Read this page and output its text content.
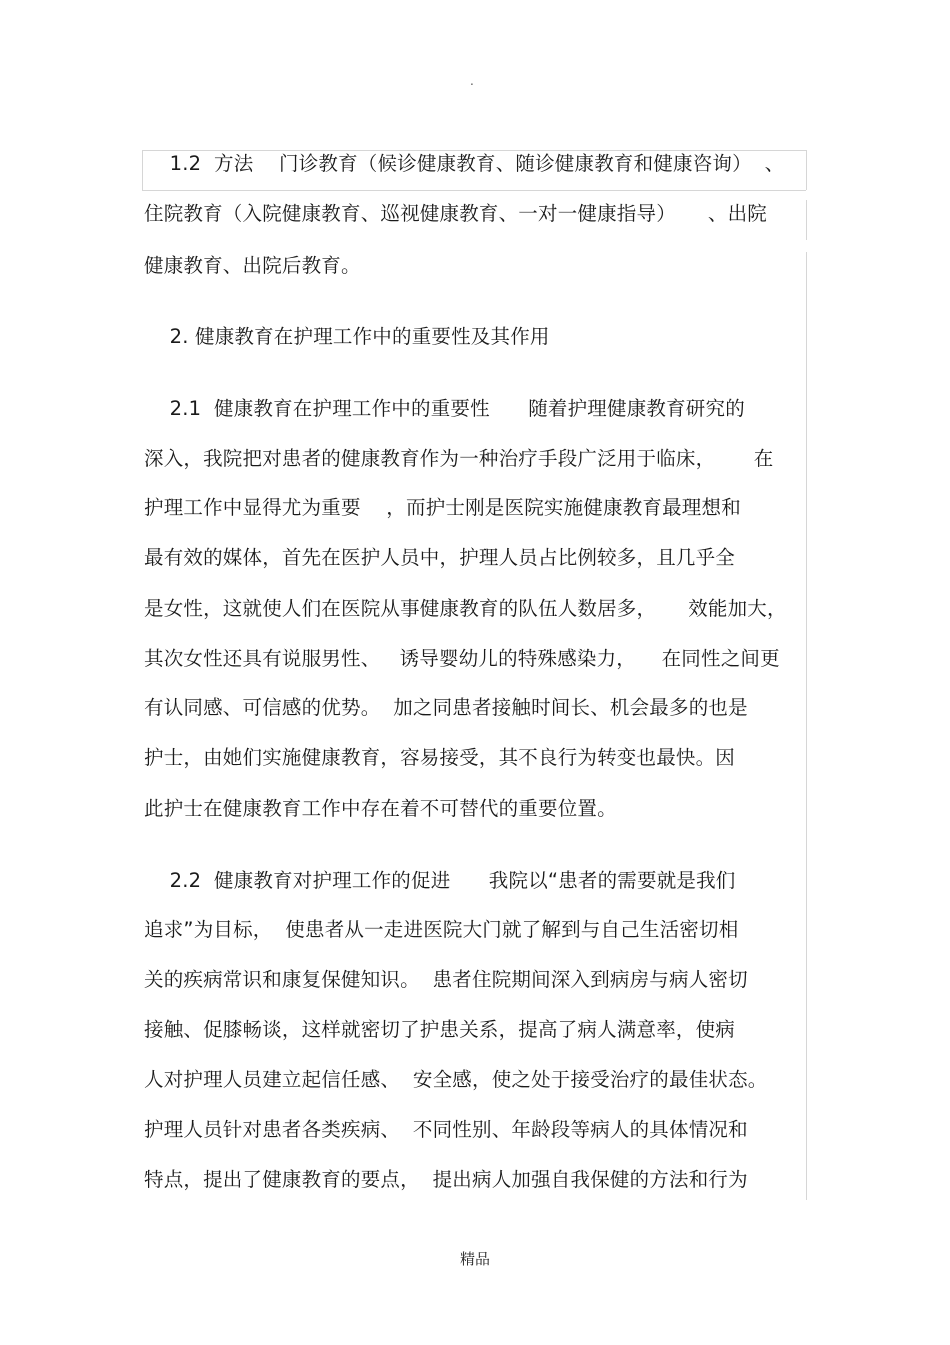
.
1.2  方法    门诊教育（候诊健康教育、随诊健康教育和健康咨询）  、
住院教育（入院健康教育、巡视健康教育、一对一健康指导）     、出院
健康教育、出院后教育。
2. 健康教育在护理工作中的重要性及其作用
2.1  健康教育在护理工作中的重要性      随着护理健康教育研究的
深入，我院把对患者的健康教育作为一种治疗手段广泛用于临床，      在
护理工作中显得尤为重要    ，而护士刚是医院实施健康教育最理想和
最有效的媒体，首先在医护人员中，护理人员占比例较多，且几乎全
是女性，这就使人们在医院从事健康教育的队伍人数居多，     效能加大，
其次女性还具有说服男性、   诱导婴幼儿的特殊感染力，    在同性之间更
有认同感、可信感的优势。  加之同患者接触时间长、机会最多的也是
护士，由她们实施健康教育，容易接受，其不良行为转变也最快。因
此护士在健康教育工作中存在着不可替代的重要位置。
2.2  健康教育对护理工作的促进      我院以“患者的需要就是我们
追求”为目标，  使患者从一走进医院大门就了解到与自己生活密切相
关的疾病常识和康复保健知识。  患者住院期间深入到病房与病人密切
接触、促膝畅谈，这样就密切了护患关系，提高了病人满意率，使病
人对护理人员建立起信任感、  安全感，使之处于接受治疗的最佳状态。
护理人员针对患者各类疾病、  不同性别、年龄段等病人的具体情况和
特点，提出了健康教育的要点，  提出病人加强自我保健的方法和行为
精品
